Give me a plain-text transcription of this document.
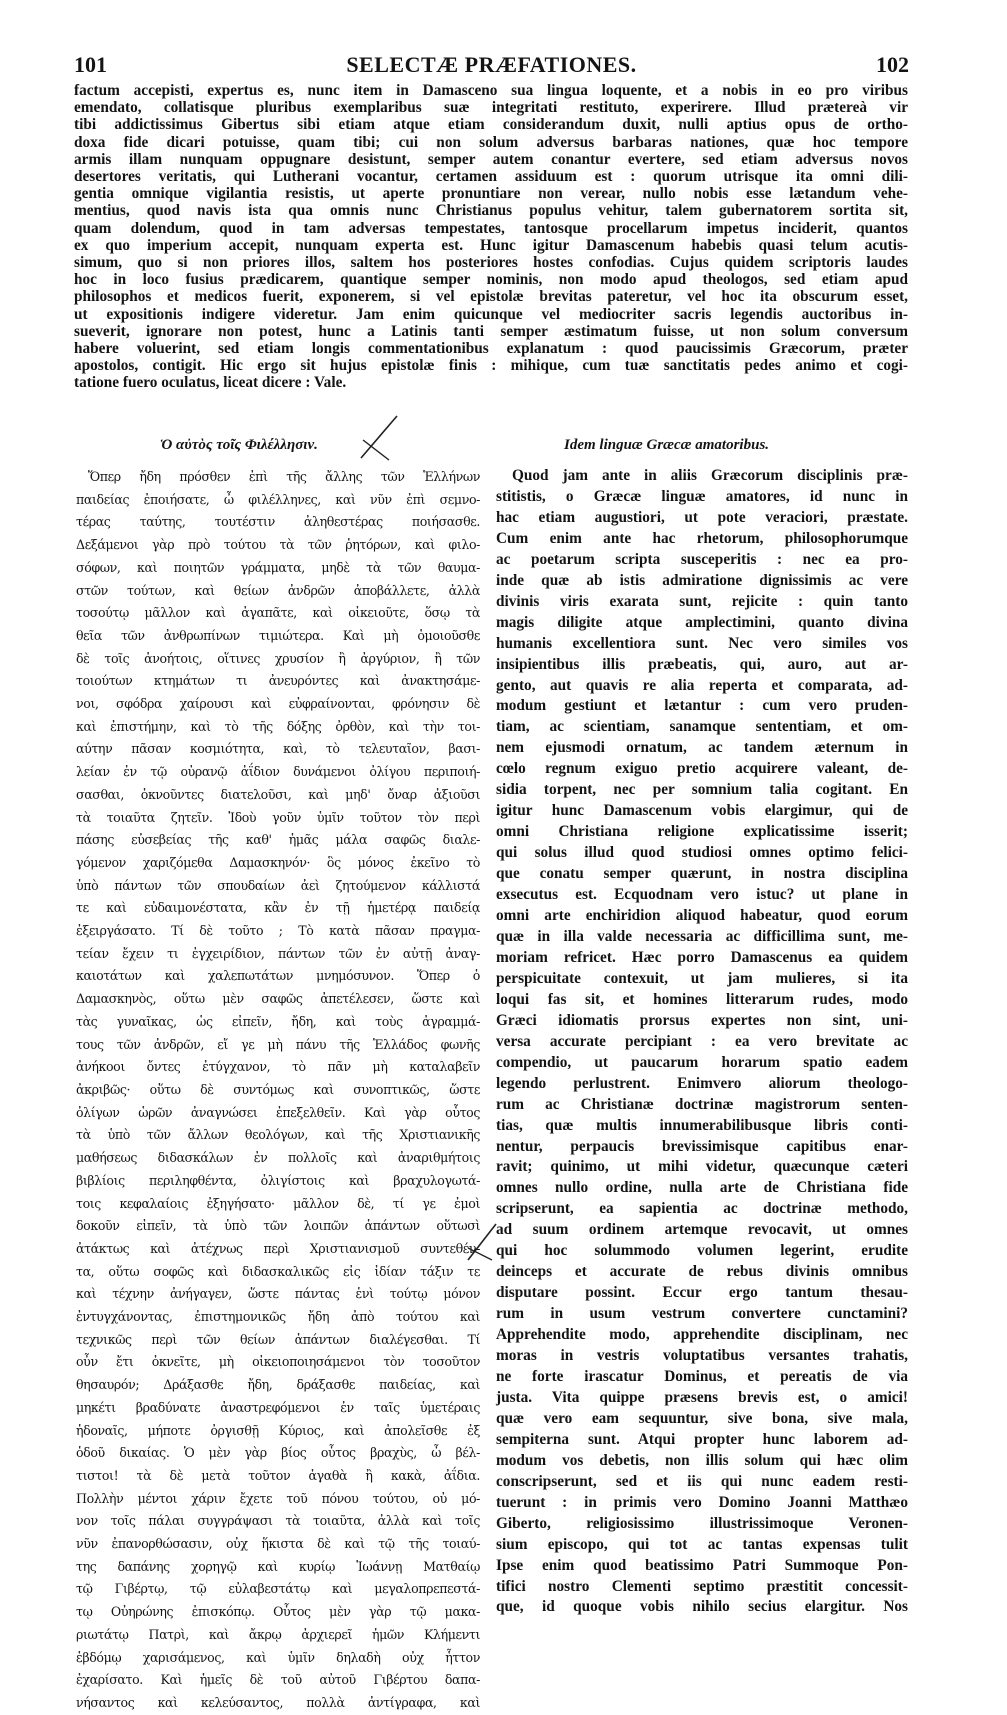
101	SELECTÆ PRÆFATIONES.	102
factum accepisti, expertus es, nunc item in Damasceno sua lingua loquente, et a nobis in eo pro viribus
emendato, collatisque pluribus exemplaribus suæ integritati restituto, experirere. Illud prætereà vir
tibi addictissimus Gibertus sibi etiam atque etiam considerandum duxit, nulli aptius opus de ortho-
doxa fide dicari potuisse, quam tibi; cui non solum adversus barbaras nationes, quæ hoc tempore
armis illam nunquam oppugnare desistunt, semper autem conantur evertere, sed etiam adversus novos
desertores veritatis, qui Lutherani vocantur, certamen assiduum est : quorum utrisque ita omni dili-
gentia omnique vigilantia resistis, ut aperte pronuntiare non verear, nullo nobis esse lætandum vehe-
mentius, quod navis ista qua omnis nunc Christianus populus vehitur, talem gubernatorem sortita sit,
quam dolendum, quod in tam adversas tempestates, tantosque procellarum impetus inciderit, quantos
ex quo imperium accepit, nunquam experta est. Hunc igitur Damascenum habebis quasi telum acutis-
simum, quo si non priores illos, saltem hos posteriores hostes confodias. Cujus quidem scriptoris laudes
hoc in loco fusius prædicarem, quantique semper nominis, non modo apud theologos, sed etiam apud
philosophos et medicos fuerit, exponerem, si vel epistolæ brevitas pateretur, vel hoc ita obscurum esset,
ut expositionis indigere videretur. Jam enim quicunque vel mediocriter sacris legendis auctoribus in-
sueverit, ignorare non potest, hunc a Latinis tanti semper æstimatum fuisse, ut non solum conversum
habere voluerint, sed etiam longis commentationibus explanatum : quod paucissimis Græcorum, præter
apostolos, contigit. Hic ergo sit hujus epistolæ finis : mihique, cum tuæ sanctitatis pedes animo et cogi-
tatione fuero oculatus, liceat dicere : Vale.
Ὁ αὐτὸς τοῖς Φιλέλλησιν.	Idem linguæ Græcæ amatoribus.
Ὅπερ ἤδη πρόσθεν ἐπὶ τῆς ἄλλης τῶν Ἑλλήνων
παιδείας ἐποιήσατε, ὦ φιλέλληνες, καὶ νῦν ἐπὶ σεμνο-
τέρας ταύτης, τουτέστιν ἀληθεστέρας ποιήσασθε.
Δεξάμενοι γὰρ πρὸ τούτου τὰ τῶν ῥητόρων, καὶ φιλο-
σόφων, καὶ ποιητῶν γράμματα, μηδὲ τὰ τῶν θαυμα-
στῶν τούτων, καὶ θείων ἀνδρῶν ἀποβάλλετε, ἀλλὰ
τοσούτῳ μᾶλλον καὶ ἀγαπᾶτε, καὶ οἰκειοῦτε, ὅσῳ τὰ
θεῖα τῶν ἀνθρωπίνων τιμιώτερα. Καὶ μὴ ὁμοιοῦσθε
δὲ τοῖς ἀνοήτοις, οἵτινες χρυσίον ἢ ἀργύριον, ἢ τῶν
τοιούτων κτημάτων τι ἀνευρόντες καὶ ἀνακτησάμε-
νοι, σφόδρα χαίρουσι καὶ εὐφραίνονται, φρόνησιν δὲ
καὶ ἐπιστήμην, καὶ τὸ τῆς δόξης ὀρθὸν, καὶ τὴν τοι-
αύτην πᾶσαν κοσμιότητα, καὶ, τὸ τελευταῖον, βασι-
λείαν ἐν τῷ οὐρανῷ ἀΐδιον δυνάμενοι ὀλίγου περιποιή-
σασθαι, ὀκνοῦντες διατελοῦσι, καὶ μηδ' ὄναρ ἀξιοῦσι
τὰ τοιαῦτα ζητεῖν. Ἰδοὺ γοῦν ὑμῖν τοῦτον τὸν περὶ
πάσης εὐσεβείας τῆς καθ' ἡμᾶς μάλα σαφῶς διαλε-
γόμενον χαριζόμεθα Δαμασκηνόν· ὃς μόνος ἐκεῖνο τὸ
ὑπὸ πάντων τῶν σπουδαίων ἀεὶ ζητούμενον κάλλιστά
τε καὶ εὐδαιμονέστατα, κἂν ἐν τῇ ἡμετέρᾳ παιδείᾳ
ἐξειργάσατο. Τί δὲ τοῦτο ; Τὸ κατὰ πᾶσαν πραγμα-
τείαν ἔχειν τι ἐγχειρίδιον, πάντων τῶν ἐν αὐτῇ ἀναγ-
καιοτάτων καὶ χαλεπωτάτων μνημόσυνον. Ὅπερ ὁ
Δαμασκηνὸς, οὕτω μὲν σαφῶς ἀπετέλεσεν, ὥστε καὶ
τὰς γυναῖκας, ὡς εἰπεῖν, ἤδη, καὶ τοὺς ἀγραμμά-
τους τῶν ἀνδρῶν, εἴ γε μὴ πάνυ τῆς Ἑλλάδος φωνῆς
ἀνήκοοι ὄντες ἐτύγχανον, τὸ πᾶν μὴ καταλαβεῖν
ἀκριβῶς· οὕτω δὲ συντόμως καὶ συνοπτικῶς, ὥστε
ὀλίγων ὡρῶν ἀναγνώσει ἐπεξελθεῖν. Καὶ γὰρ οὗτος
τὰ ὑπὸ τῶν ἄλλων θεολόγων, καὶ τῆς Χριστιανικῆς
μαθήσεως διδασκάλων ἐν πολλοῖς καὶ ἀναριθμήτοις
βιβλίοις περιληφθέντα, ὀλιγίστοις καὶ βραχυλογωτά-
τοις κεφαλαίοις ἐξηγήσατο· μᾶλλον δὲ, τί γε ἐμοὶ
δοκοῦν εἰπεῖν, τὰ ὑπὸ τῶν λοιπῶν ἁπάντων οὕτωσὶ
ἀτάκτως καὶ ἀτέχνως περὶ Χριστιανισμοῦ συντεθέν-
τα, οὕτω σοφῶς καὶ διδασκαλικῶς εἰς ἰδίαν τάξιν τε
καὶ τέχνην ἀνήγαγεν, ὥστε πάντας ἑνὶ τούτῳ μόνον
ἐντυγχάνοντας, ἐπιστημονικῶς ἤδη ἀπὸ τούτου καὶ
τεχνικῶς περὶ τῶν θείων ἁπάντων διαλέγεσθαι. Τί
οὖν ἔτι ὀκνεῖτε, μὴ οἰκειοποιησάμενοι τὸν τοσοῦτον
θησαυρόν; Δράξασθε ἤδη, δράξασθε παιδείας, καὶ
μηκέτι βραδύνατε ἀναστρεφόμενοι ἐν ταῖς ὑμετέραις
ἡδοναῖς, μήποτε ὀργισθῇ Κύριος, καὶ ἀπολεῖσθε ἐξ
ὁδοῦ δικαίας. Ὁ μὲν γὰρ βίος οὗτος βραχὺς, ὦ βέλ-
τιστοι! τὰ δὲ μετὰ τοῦτον ἀγαθὰ ἢ κακὰ, ἀΐδια.
Πολλὴν μέντοι χάριν ἔχετε τοῦ πόνου τούτου, οὐ μό-
νον τοῖς πάλαι συγγράψασι τὰ τοιαῦτα, ἀλλὰ καὶ τοῖς
νῦν ἐπανορθώσασιν, οὐχ ἥκιστα δὲ καὶ τῷ τῆς τοιαύ-
της δαπάνης χορηγῷ καὶ κυρίῳ Ἰωάννῃ Ματθαίῳ
τῷ Γιβέρτῳ, τῷ εὐλαβεστάτῳ καὶ μεγαλοπρεπεστά-
τῳ Οὐηρώνης ἐπισκόπῳ. Οὗτος μὲν γὰρ τῷ μακα-
ριωτάτῳ Πατρὶ, καὶ ἄκρῳ ἀρχιερεῖ ἡμῶν Κλήμεντι
ἑβδόμῳ χαρισάμενος, καὶ ὑμῖν δηλαδὴ οὐχ ἧττον
ἐχαρίσατο. Καὶ ἡμεῖς δὲ τοῦ αὐτοῦ Γιβέρτου δαπα-
νήσαντος καὶ κελεύσαντος, πολλὰ ἀντίγραφα, καὶ
Quod jam ante in aliis Græcorum disciplinis præ-
stitistis, o Græcæ linguæ amatores, id nunc in
hac etiam augustiori, ut pote veraciori, præstate.
Cum enim ante hac rhetorum, philosophorumque
ac poetarum scripta susceperitis : nec ea pro-
inde quæ ab istis admiratione dignissimis ac vere
divinis viris exarata sunt, rejicite : quin tanto
magis diligite atque amplectimini, quanto divina
humanis excellentiora sunt. Nec vero similes vos
insipientibus illis præbeatis, qui, auro, aut ar-
gento, aut quavis re alia reperta et comparata, ad-
modum gestiunt et lætantur : cum vero pruden-
tiam, ac scientiam, sanamque sententiam, et om-
nem ejusmodi ornatum, ac tandem æternum in
cœlo regnum exiguo pretio acquirere valeant, de-
sidia torpent, nec per somnium talia cogitant. En
igitur hunc Damascenum vobis elargimur, qui de
omni Christiana religione explicatissime isserit;
qui solus illud quod studiosi omnes optimo felici-
que conatu semper quærunt, in nostra disciplina
exsecutus est. Ecquodnam vero istuc? ut plane in
omni arte enchiridion aliquod habeatur, quod eorum
quæ in illa valde necessaria ac difficillima sunt, me-
moriam refricet. Hæc porro Damascenus ea quidem
perspicuitate contexuit, ut jam mulieres, si ita
loqui fas sit, et homines litterarum rudes, modo
Græci idiomatis prorsus expertes non sint, uni-
versa accurate percipiant : ea vero brevitate ac
compendio, ut paucarum horarum spatio eadem
legendo perlustrent. Enimvero aliorum theologo-
rum ac Christianæ doctrinæ magistrorum senten-
tias, quæ multis innumerabilibusque libris conti-
nentur, perpaucis brevissimisque capitibus enar-
ravit; quinimo, ut mihi videtur, quæcunque cæteri
omnes nullo ordine, nulla arte de Christiana fide
scripserunt, ea sapientia ac doctrinæ methodo,
ad suum ordinem artemque revocavit, ut omnes
qui hoc solummodo volumen legerint, erudite
deinceps et accurate de rebus divinis omnibus
disputare possint. Eccur ergo tantum thesau-
rum in usum vestrum convertere cunctamini?
Apprehendite modo, apprehendite disciplinam, nec
moras in vestris voluptatibus versantes trahatis,
ne forte irascatur Dominus, et pereatis de via
justa. Vita quippe præsens brevis est, o amici!
quæ vero eam sequuntur, sive bona, sive mala,
sempiterna sunt. Atqui propter hunc laborem ad-
modum vos debetis, non illis solum qui hæc olim
conscripserunt, sed et iis qui nunc eadem resti-
tuerunt : in primis vero Domino Joanni Matthæo
Giberto, religiosissimo illustrissimoque Veronen-
sium episcopo, qui tot ac tantas expensas tulit
Ipse enim quod beatissimo Patri Summoque Pon-
tifici nostro Clementi septimo præstitit concessit-
que, id quoque vobis nihilo secius elargitur. Nos
